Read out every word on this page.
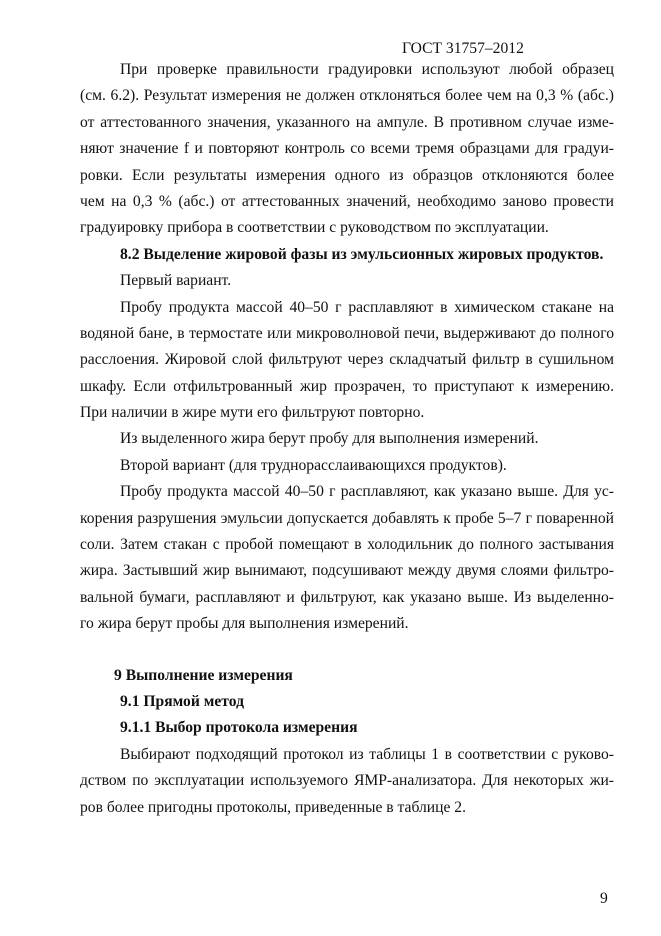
ГОСТ 31757–2012
При проверке правильности градуировки используют любой образец
(см. 6.2). Результат измерения не должен отклоняться более чем на 0,3 % (абс.)
от аттестованного значения, указанного на ампуле. В противном случае изме-
няют значение f и повторяют контроль со всеми тремя образцами для градуи-
ровки. Если результаты измерения одного из образцов отклоняются более
чем на 0,3 % (абс.) от аттестованных значений, необходимо заново провести
градуировку прибора в соответствии с руководством по эксплуатации.
8.2 Выделение жировой фазы из эмульсионных жировых продуктов.
Первый вариант.
Пробу продукта массой 40–50 г расплавляют в химическом стакане на
водяной бане, в термостате или микроволновой печи, выдерживают до полного
расслоения. Жировой слой фильтруют через складчатый фильтр в сушильном
шкафу. Если отфильтрованный жир прозрачен, то приступают к измерению.
При наличии в жире мути его фильтруют повторно.
Из выделенного жира берут пробу для выполнения измерений.
Второй вариант (для труднорасслаивающихся продуктов).
Пробу продукта массой 40–50 г расплавляют, как указано выше. Для ус-
корения разрушения эмульсии допускается добавлять к пробе 5–7 г поваренной
соли. Затем стакан с пробой помещают в холодильник до полного застывания
жира. Застывший жир вынимают, подсушивают между двумя слоями фильтро-
вальной бумаги, расплавляют и фильтруют, как указано выше. Из выделенно-
го жира берут пробы для выполнения измерений.
9 Выполнение измерения
9.1 Прямой метод
9.1.1 Выбор протокола измерения
Выбирают подходящий протокол из таблицы 1 в соответствии с руково-
дством по эксплуатации используемого ЯМР-анализатора. Для некоторых жи-
ров более пригодны протоколы, приведенные в таблице 2.
9
